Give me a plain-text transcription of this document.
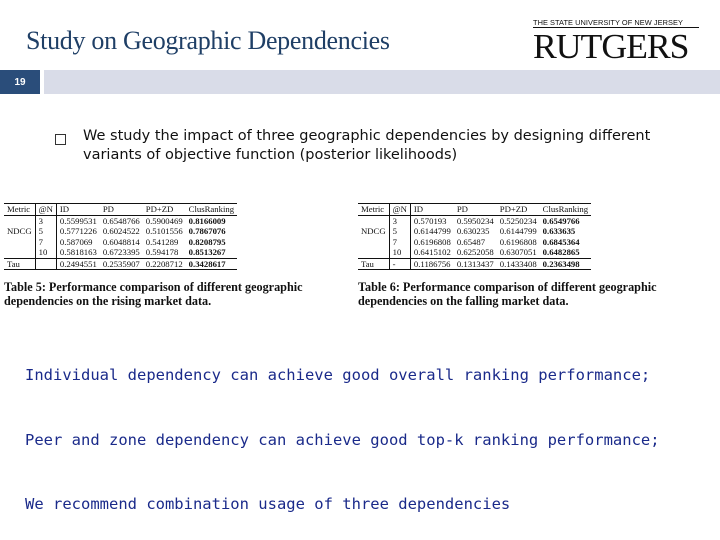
Study on Geographic Dependencies
THE STATE UNIVERSITY OF NEW JERSEY
RUTGERS
19
We study the impact of three geographic dependencies by designing different variants of objective function (posterior likelihoods)
Metric	@N	ID	PD	PD+ZD	ClusRanking
	3	0.5599531	0.6548766	0.5900469	0.8166009
NDCG	5	0.5771226	0.6024522	0.5101556	0.7867076
	7	0.587069	0.6048814	0.541289	0.8208795
	10	0.5818163	0.6723395	0.594178	0.8513267
Tau		0.2494551	0.2535907	0.2208712	0.3428617
Table 5: Performance comparison of different geographic dependencies on the rising market data.
Metric	@N	ID	PD	PD+ZD	ClusRanking
	3	0.570193	0.5950234	0.5250234	0.6549766
NDCG	5	0.6144799	0.630235	0.6144799	0.633635
	7	0.6196808	0.65487	0.6196808	0.6845364
	10	0.6415102	0.6252058	0.6307051	0.6482865
Tau	-	0.1186756	0.1313437	0.1433408	0.2363498
Table 6: Performance comparison of different geographic dependencies on the falling market data.
Individual dependency can achieve good overall ranking performance;
Peer and zone dependency can achieve good top-k ranking performance;
We recommend combination usage of three dependencies
